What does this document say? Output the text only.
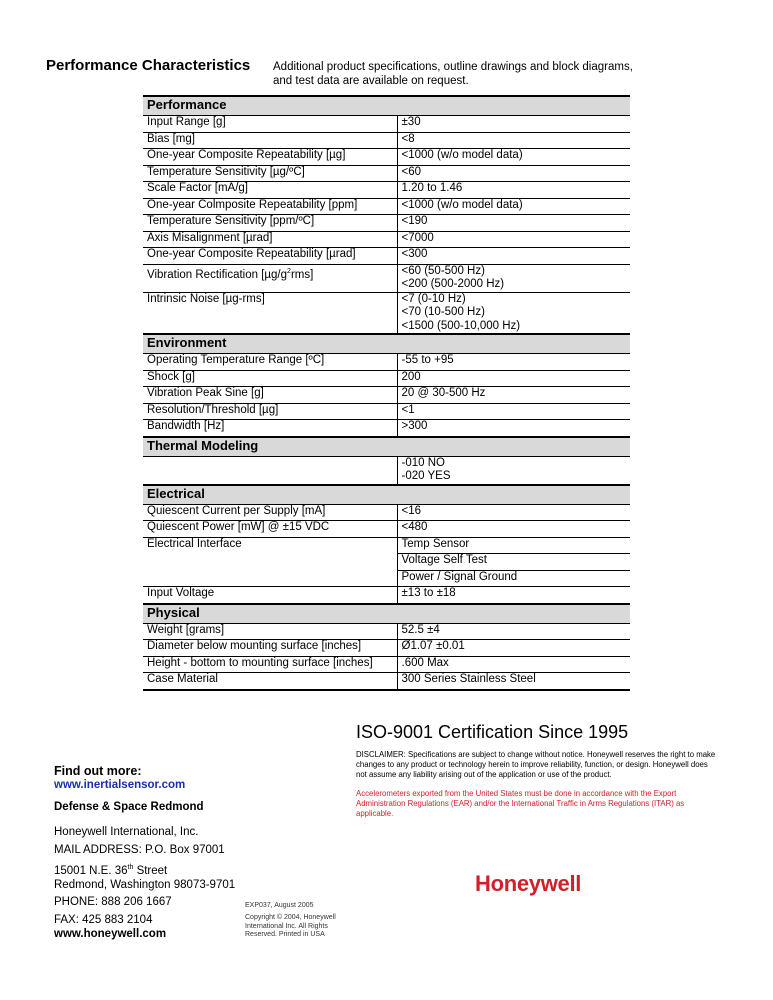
Performance Characteristics Additional product specifications, outline drawings and block diagrams, and test data are available on request.
Performance	
Input Range [g]	±30
Bias [mg]	<8
One-year Composite Repeatability [µg]	<1000 (w/o model data)
Temperature Sensitivity [µg/ºC]	<60
Scale Factor [mA/g]	1.20 to 1.46
One-year Colmposite Repeatability [ppm]	<1000 (w/o model data)
Temperature Sensitivity [ppm/ºC]	<190
Axis Misalignment [µrad]	<7000
One-year Composite Repeatability [µrad]	<300
Vibration Rectification $[\mu g/g^2rms]$	<60 (50-500 Hz)
<200 (500-2000 Hz)

Intrinsic Noise [µg-rms]	<7 (0-10 Hz)
<70 (10-500 Hz)
<1500 (500-10,000 Hz)

Environment	
Operating Temperature Range [ºC]	-55 to +95
Shock [g]	200
Vibration Peak Sine [g]	20 @ 30-500 Hz
Resolution/Threshold [µg]	<1
Bandwidth [Hz]	>300
Thermal Modeling	

	-010 NO
-020 YES

Electrical	
Quiescent Current per Supply [mA]	<16
Quiescent Power [mW] @ ±15 VDC	<480
Electrical Interface	Temp Sensor
	Voltage Self Test
	Power / Signal Ground
Input Voltage	±13 to ±18
Physical	
Weight [grams]	52.5 ±4
Diameter below mounting surface [inches]	Ø1.07 ±0.01
Height - bottom to mounting surface [inches]	.600 Max
Case Material	300 Series Stainless Steel
ISO-9001 Certification Since 1995
DISCLAIMER: Specifications are subject to change without notice. Honeywell reserves the right to make changes to any product or technology herein to improve reliability, function, or design. Honeywell does not assume any liability arising out of the application or use of the product.
Accelerometers exported from the United States must be done in accordance with the Export Administration Regulations (EAR) and/or the International Traffic in Arms Regulations (ITAR) as applicable.
Find out more:
www.inertialsensor.com
Defense & Space Redmond
Honeywell International, Inc.
MAIL ADDRESS: P.O. Box 97001
15001 N.E. 36th Street
Redmond, Washington 98073-9701
PHONE: 888 206 1667
FAX: 425 883 2104
www.honeywell.com
EXP037, August 2005
Copyright © 2004, Honeywell
International Inc. All Rights
Reserved. Printed in USA
Honeywell
